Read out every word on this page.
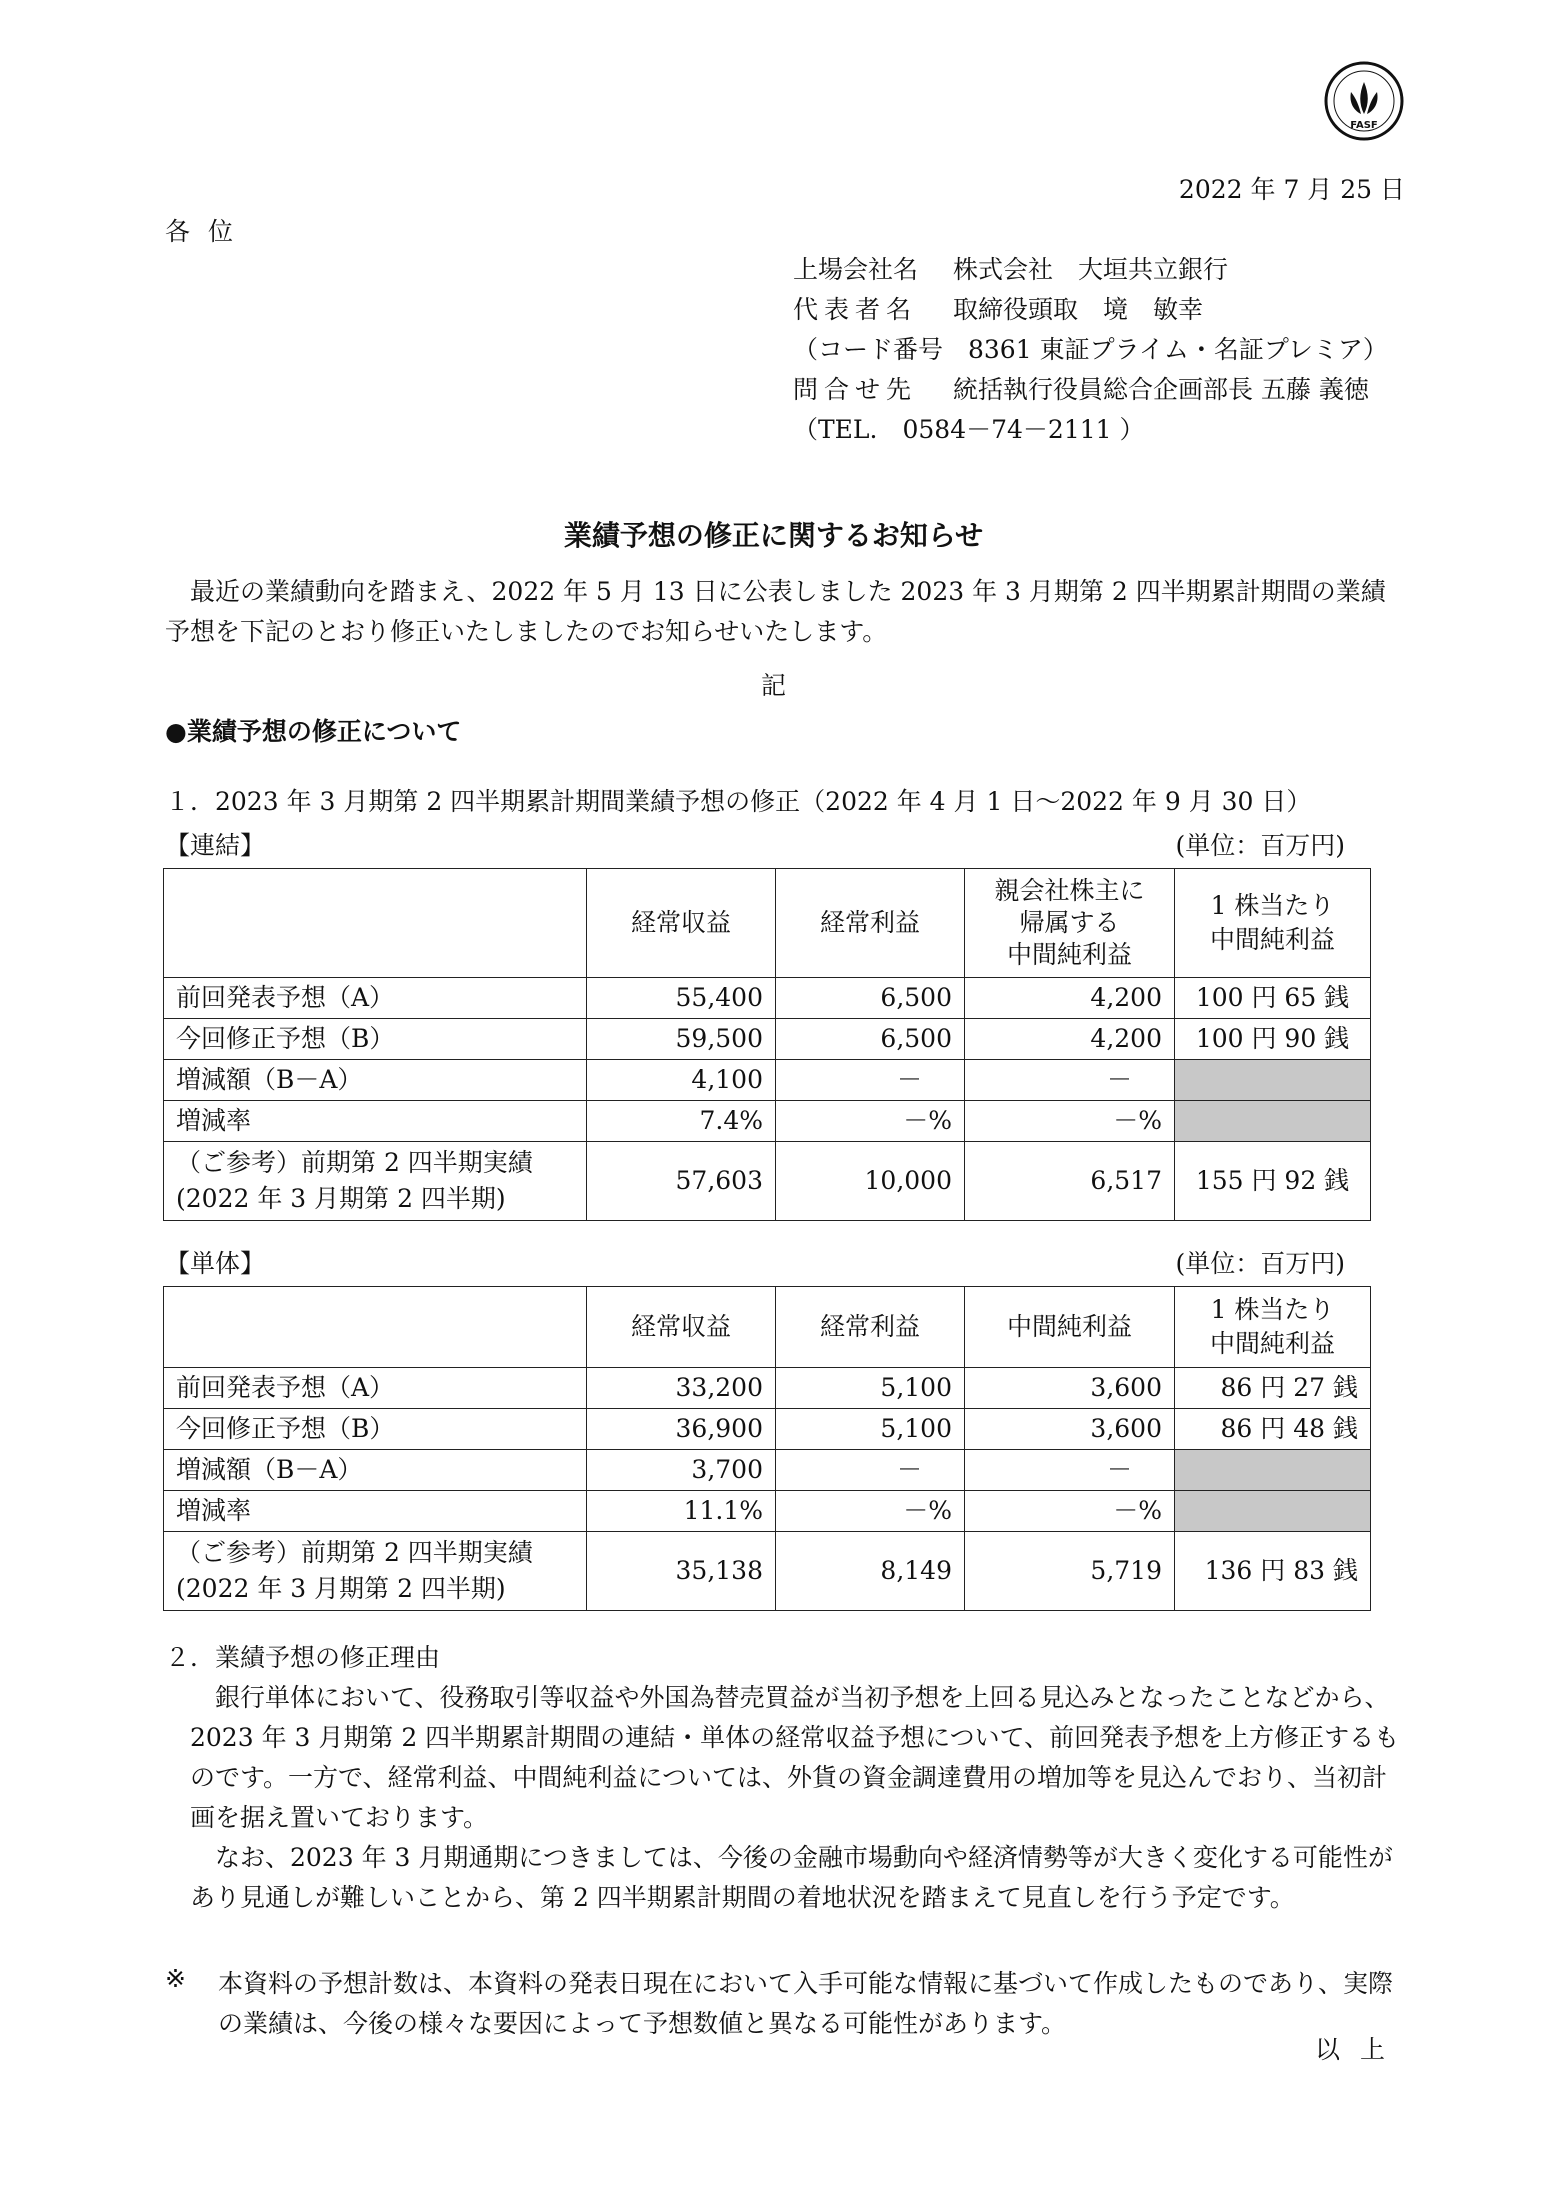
FASF
2022 年 7 月 25 日
各位
上場会社名 株式会社　大垣共立銀行
代表者名 取締役頭取　境　敏幸
（コード番号　8361 東証プライム・名証プレミア）
問合せ先 統括執行役員総合企画部長 五藤 義徳
（TEL.　0584－74－2111 ）
業績予想の修正に関するお知らせ
　最近の業績動向を踏まえ、2022 年 5 月 13 日に公表しました 2023 年 3 月期第 2 四半期累計期間の業績予想を下記のとおり修正いたしましたのでお知らせいたします。
記
●業績予想の修正について
１．2023 年 3 月期第 2 四半期累計期間業績予想の修正（2022 年 4 月 1 日～2022 年 9 月 30 日）
【連結】	(単位：百万円)
	経常収益	経常利益	親会社株主に
帰属する
中間純利益	1 株当たり
中間純利益
前回発表予想（A）	55,400	6,500	4,200	100 円 65 銭
今回修正予想（B）	59,500	6,500	4,200	100 円 90 銭
増減額（B－A）	4,100	－	－	
増減率	7.4%	－%	－%	
（ご参考）前期第 2 四半期実績
(2022 年 3 月期第 2 四半期)	57,603	10,000	6,517	155 円 92 銭
【単体】	(単位：百万円)
	経常収益	経常利益	中間純利益	1 株当たり
中間純利益
前回発表予想（A）	33,200	5,100	3,600	86 円 27 銭
今回修正予想（B）	36,900	5,100	3,600	86 円 48 銭
増減額（B－A）	3,700	－	－	
増減率	11.1%	－%	－%	
（ご参考）前期第 2 四半期実績
(2022 年 3 月期第 2 四半期)	35,138	8,149	5,719	136 円 83 銭
２．業績予想の修正理由
　銀行単体において、役務取引等収益や外国為替売買益が当初予想を上回る見込みとなったことなどから、2023 年 3 月期第 2 四半期累計期間の連結・単体の経常収益予想について、前回発表予想を上方修正するものです。一方で、経常利益、中間純利益については、外貨の資金調達費用の増加等を見込んでおり、当初計画を据え置いております。
　なお、2023 年 3 月期通期につきましては、今後の金融市場動向や経済情勢等が大きく変化する可能性があり見通しが難しいことから、第 2 四半期累計期間の着地状況を踏まえて見直しを行う予定です。
※ 本資料の予想計数は、本資料の発表日現在において入手可能な情報に基づいて作成したものであり、実際の業績は、今後の様々な要因によって予想数値と異なる可能性があります。
以上
